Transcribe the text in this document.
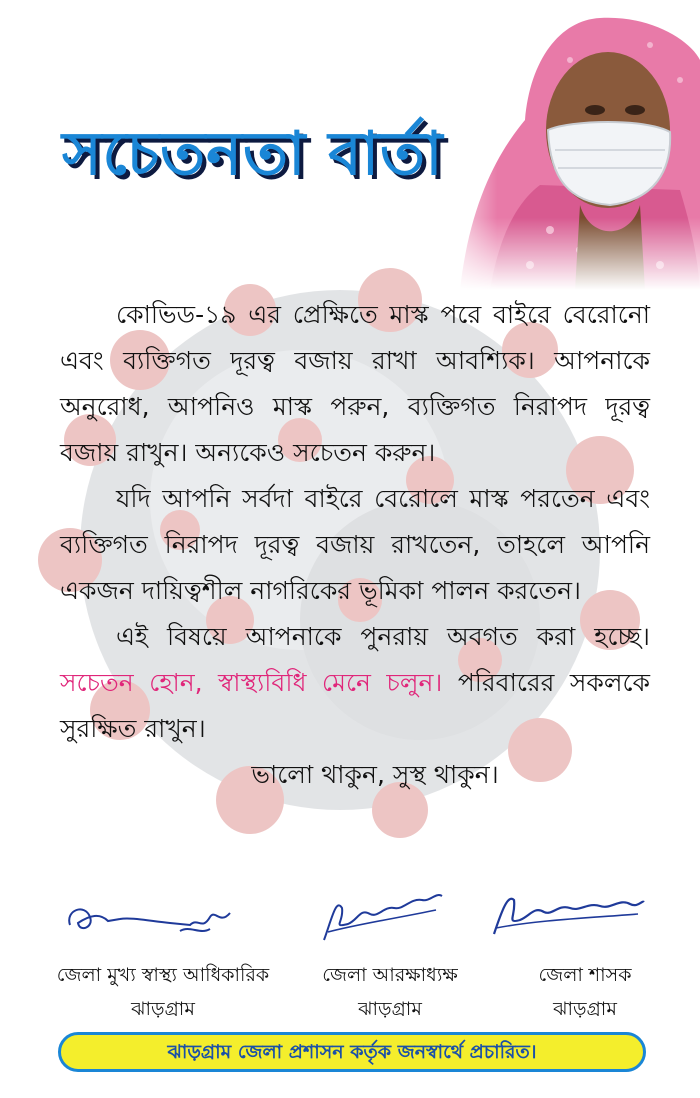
সচেতনতা বার্তা

কোভিড-১৯ এর প্রেক্ষিতে মাস্ক পরে বাইরে বেরোনো এবং ব্যক্তিগত দূরত্ব বজায় রাখা আবশ্যিক। আপনাকে অনুরোধ, আপনিও মাস্ক পরুন, ব্যক্তিগত নিরাপদ দূরত্ব বজায় রাখুন। অন্যকেও সচেতন করুন।

যদি আপনি সর্বদা বাইরে বেরোলে মাস্ক পরতেন এবং ব্যক্তিগত নিরাপদ দূরত্ব বজায় রাখতেন, তাহলে আপনি একজন দায়িত্বশীল নাগরিকের ভূমিকা পালন করতেন।

এই বিষয়ে আপনাকে পুনরায় অবগত করা হচ্ছে। সচেতন হোন, স্বাস্থ্যবিধি মেনে চলুন। পরিবারের সকলকে সুরক্ষিত রাখুন।

ভালো থাকুন, সুস্থ থাকুন।

জেলা মুখ্য স্বাস্থ্য আধিকারিক
ঝাড়গ্রাম
জেলা আরক্ষাধ্যক্ষ
ঝাড়গ্রাম
জেলা শাসক
ঝাড়গ্রাম
ঝাড়গ্রাম জেলা প্রশাসন কর্তৃক জনস্বার্থে প্রচারিত।
